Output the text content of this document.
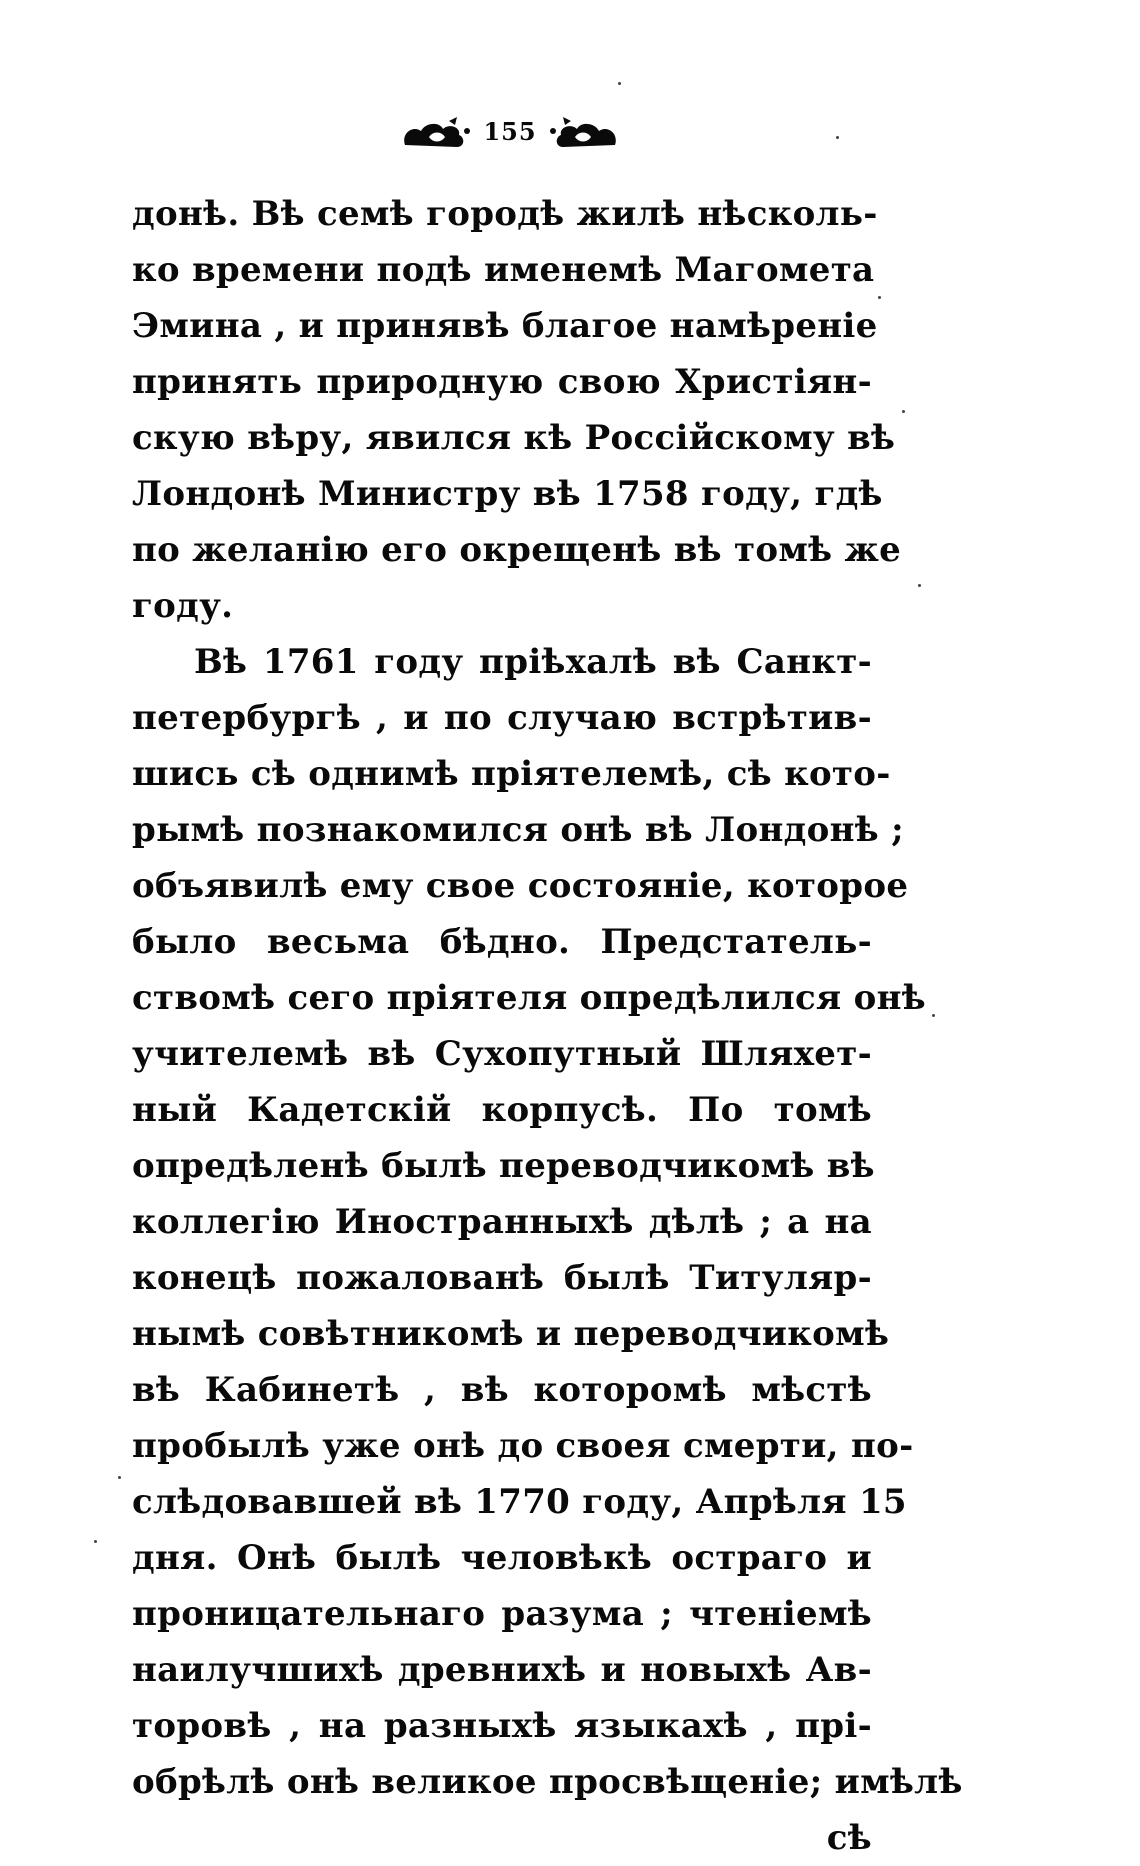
155
донѣ. Вѣ семѣ городѣ жилѣ нѣсколь-
ко времени подѣ именемѣ Магомета
Эмина , и принявѣ благое намѣреніе
принять природную свою Христіян-
скую вѣру, явился кѣ Россійскому вѣ
Лондонѣ Министру вѣ 1758 году, гдѣ
по желанію его окрещенѣ вѣ томѣ же
году.
Вѣ 1761 году пріѣхалѣ вѣ Санкт-
петербургѣ , и по случаю встрѣтив-
шись сѣ однимѣ пріятелемѣ, сѣ кото-
рымѣ познакомился онѣ вѣ Лондонѣ ;
объявилѣ ему свое состояніе, которое
было весьма бѣдно. Предстатель-
ствомѣ сего пріятеля опредѣлился онѣ
учителемѣ вѣ Сухопутный Шляхет-
ный Кадетскій корпусѣ. По томѣ
опредѣленѣ былѣ переводчикомѣ вѣ
коллегію Иностранныхѣ дѣлѣ ; а на
конецѣ пожалованѣ былѣ Титуляр-
нымѣ совѣтникомѣ и переводчикомѣ
вѣ Кабинетѣ , вѣ которомѣ мѣстѣ
пробылѣ уже онѣ до своея смерти, по-
слѣдовавшей вѣ 1770 году, Апрѣля 15
дня. Онѣ былѣ человѣкѣ остраго и
проницательнаго разума ; чтеніемѣ
наилучшихѣ древнихѣ и новыхѣ Ав-
торовѣ , на разныхѣ языкахѣ , прі-
обрѣлѣ онѣ великое просвѣщеніе; имѣлѣ
сѣ
